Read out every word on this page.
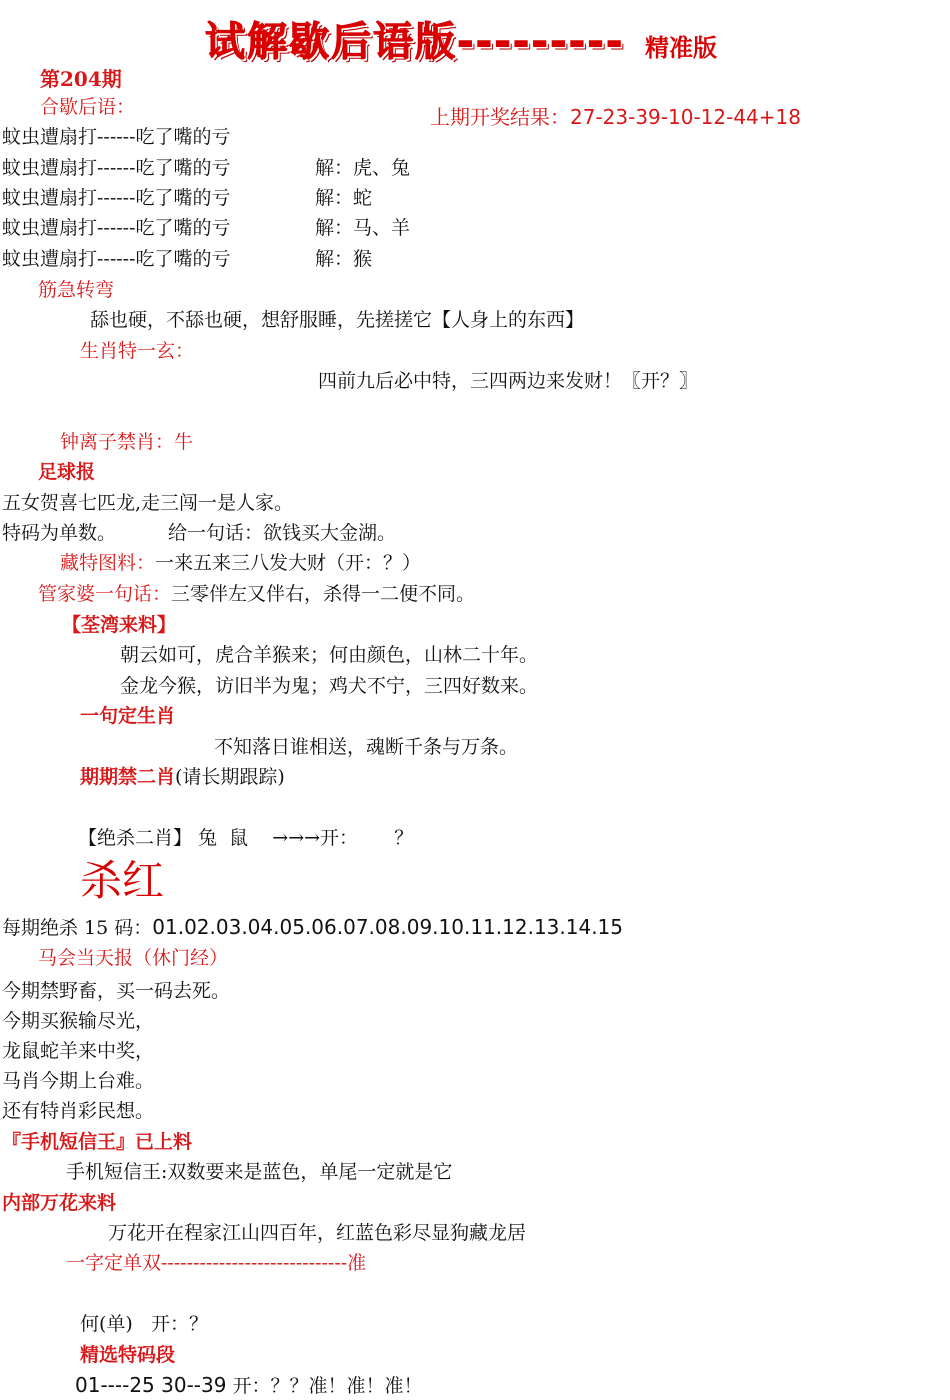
试解歇后语版--------- 精准版
第204期
合歇后语：	上期开奖结果：27-23-39-10-12-44+18
蚊虫遭扇打------吃了嘴的亏
蚊虫遭扇打------吃了嘴的亏	解：虎、兔
蚊虫遭扇打------吃了嘴的亏	解：蛇
蚊虫遭扇打------吃了嘴的亏	解：马、羊
蚊虫遭扇打------吃了嘴的亏	解：猴
筋急转弯
舔也硬，不舔也硬，想舒服睡，先搓搓它【人身上的东西】
生肖特一玄：
四前九后必中特，三四两边来发财！〖开？〗
钟离子禁肖：牛
足球报
五女贺喜七匹龙,走三闯一是人家。
特码为单数。	给一句话：欲钱买大金湖。
藏特图料：一来五来三八发大财（开：？）
管家婆一句话：三零伴左又伴右，杀得一二便不同。
【荃湾来料】
朝云如可，虎合羊猴来；何由颜色，山林二十年。
金龙今猴，访旧半为鬼；鸡犬不宁，三四好数来。
一句定生肖
不知落日谁相送，魂断千条与万条。
期期禁二肖(请长期跟踪)
【绝杀二肖】 兔  鼠    →→→开：      ？
杀红
每期绝杀 15 码：01.02.03.04.05.06.07.08.09.10.11.12.13.14.15
马会当天报（休门经）
今期禁野畜，买一码去死。
今期买猴输尽光，
龙鼠蛇羊来中奖，
马肖今期上台难。
还有特肖彩民想。
『手机短信王』已上料
手机短信王:双数要来是蓝色，单尾一定就是它
内部万花来料
万花开在程家江山四百年，红蓝色彩尽显狗藏龙居
一字定单双-----------------------------准
何(单)   开：？
精选特码段
01----25 30--39 开：？？准！准！准！
